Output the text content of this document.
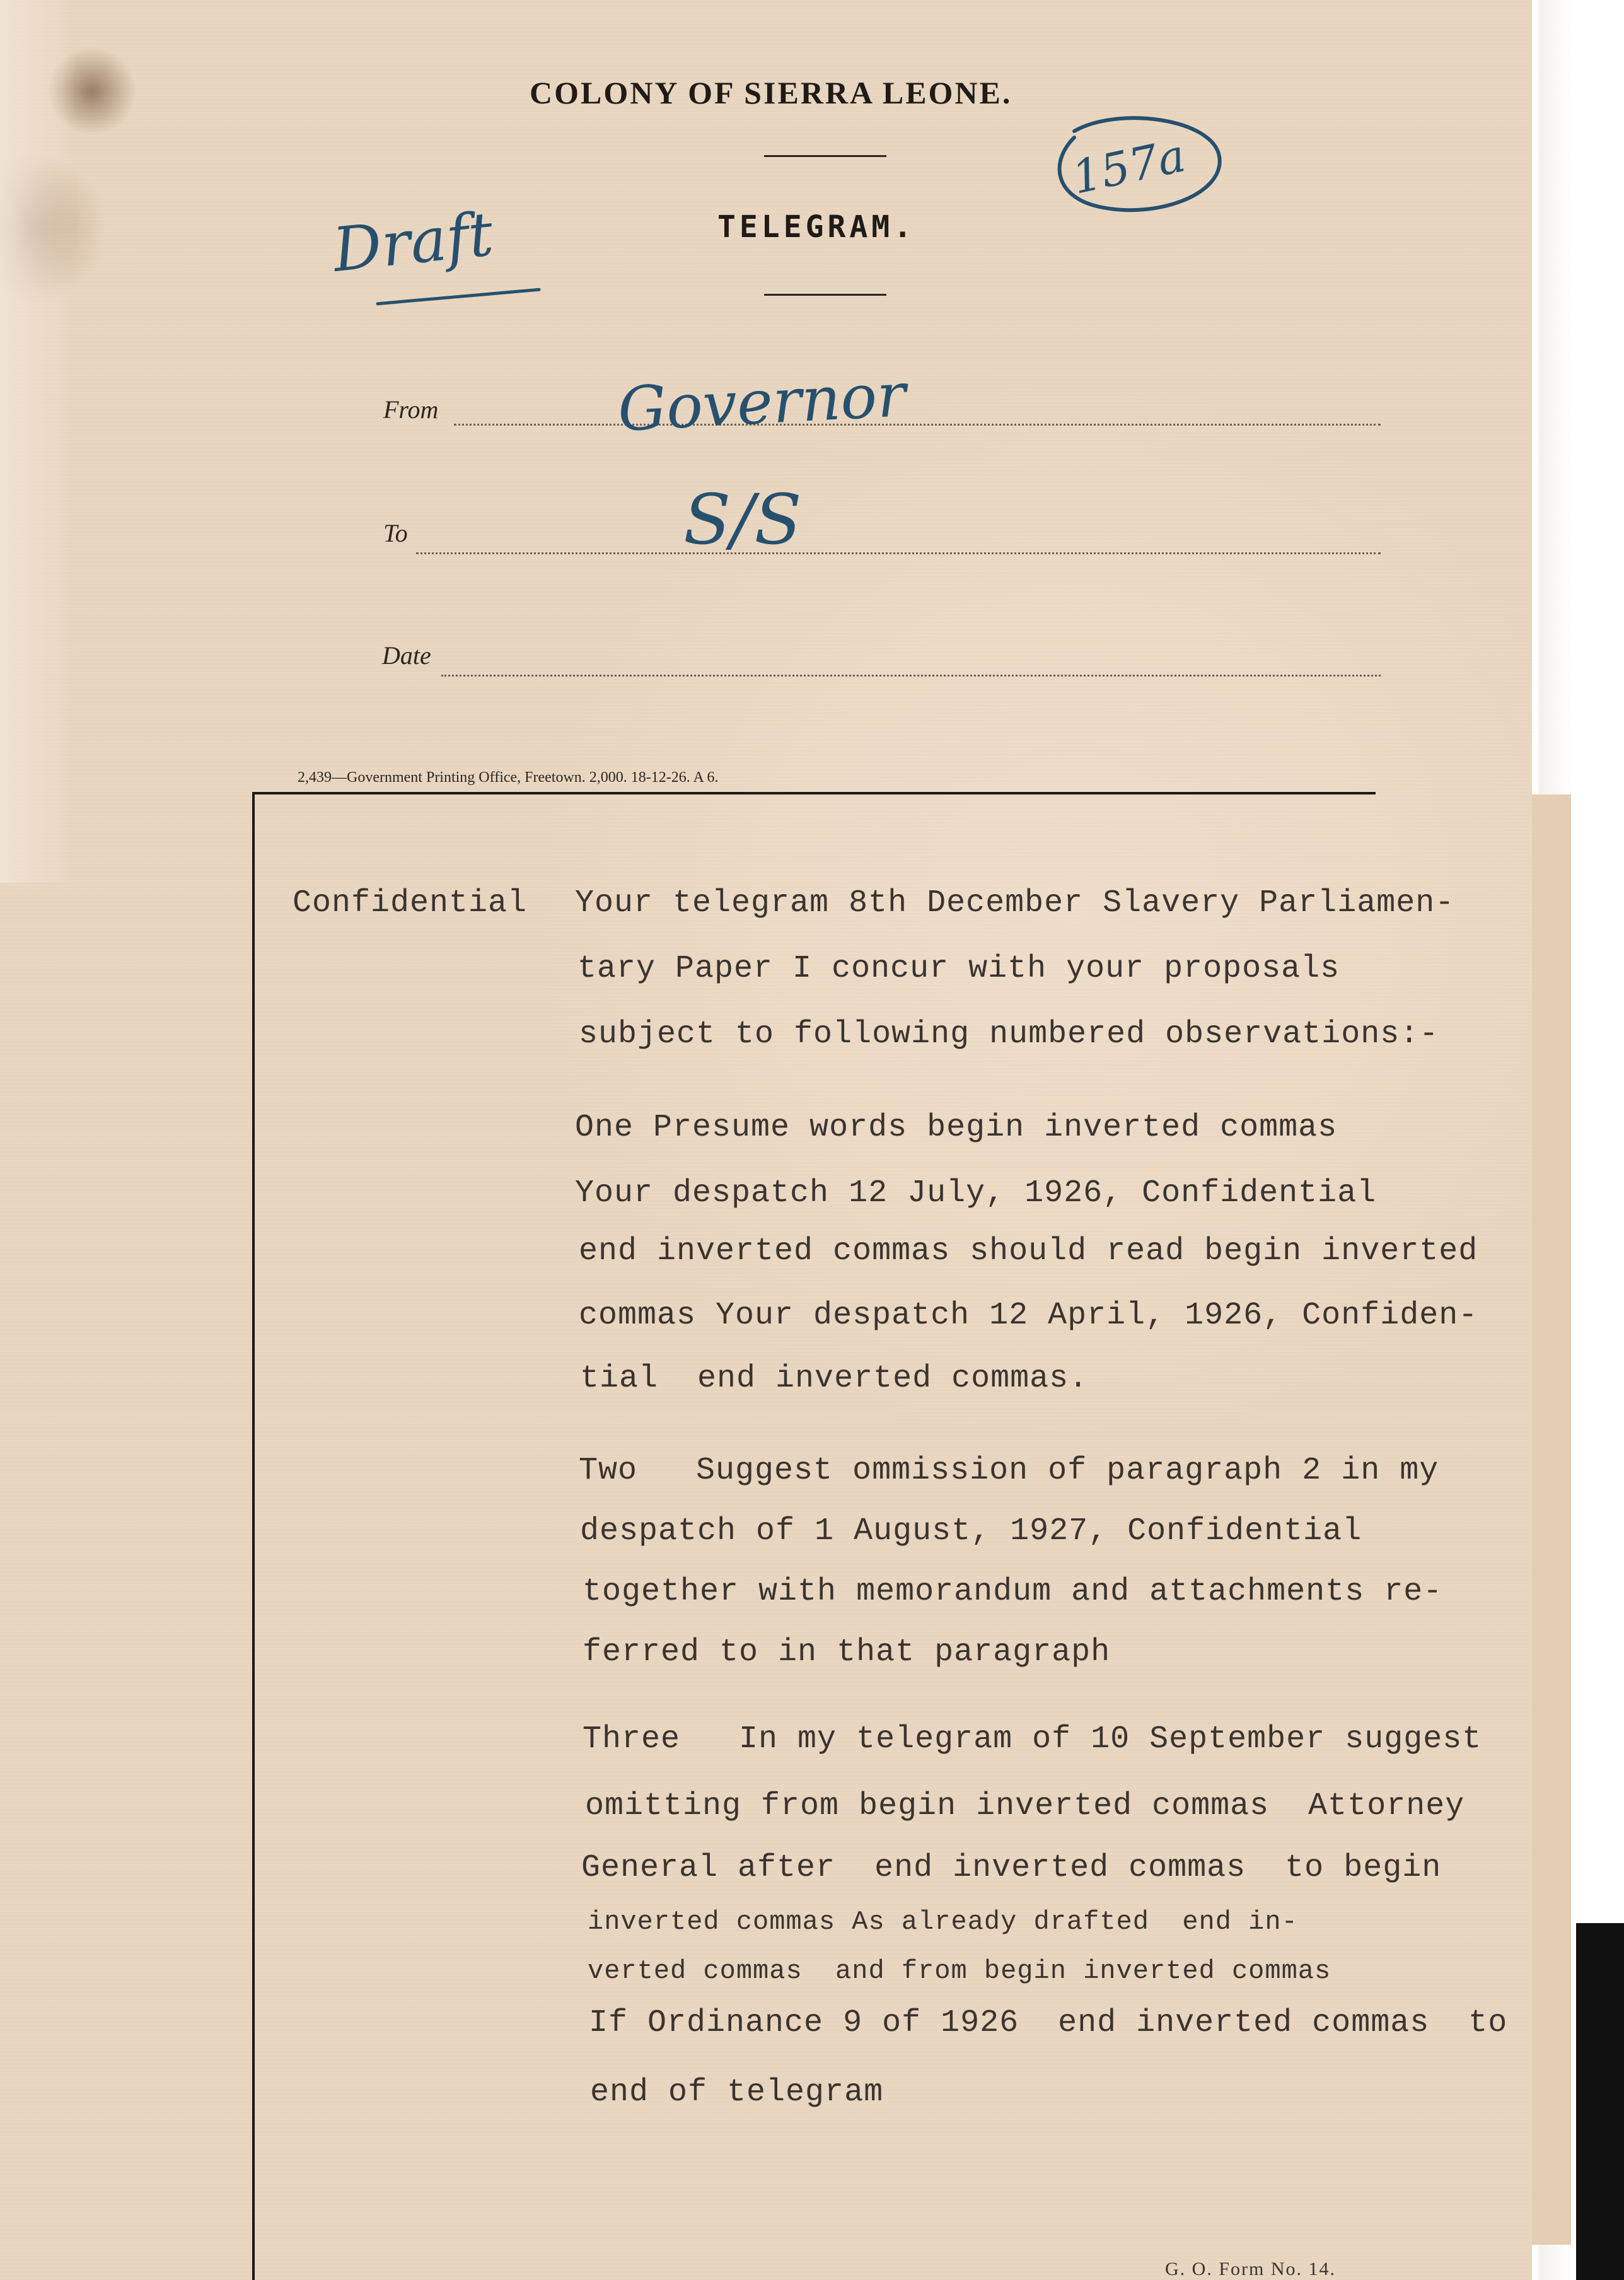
COLONY OF SIERRA LEONE.
TELEGRAM.
Draft
157a
From	Governor
To	S/S
Date
2,439—Government Printing Office, Freetown. 2,000. 18-12-26. A 6.
Confidential Your telegram 8th December Slavery Parliamen-
tary Paper I concur with your proposals
subject to following numbered observations:-
One Presume words begin inverted commas
Your despatch 12 July, 1926, Confidential
end inverted commas should read begin inverted
commas Your despatch 12 April, 1926, Confiden-
tial  end inverted commas.
Two   Suggest ommission of paragraph 2 in my
despatch of 1 August, 1927, Confidential
together with memorandum and attachments re-
ferred to in that paragraph
Three   In my telegram of 10 September suggest
omitting from begin inverted commas  Attorney
General after  end inverted commas  to begin
inverted commas As already drafted  end in-
verted commas  and from begin inverted commas
If Ordinance 9 of 1926  end inverted commas  to
end of telegram
G. O. Form No. 14.
